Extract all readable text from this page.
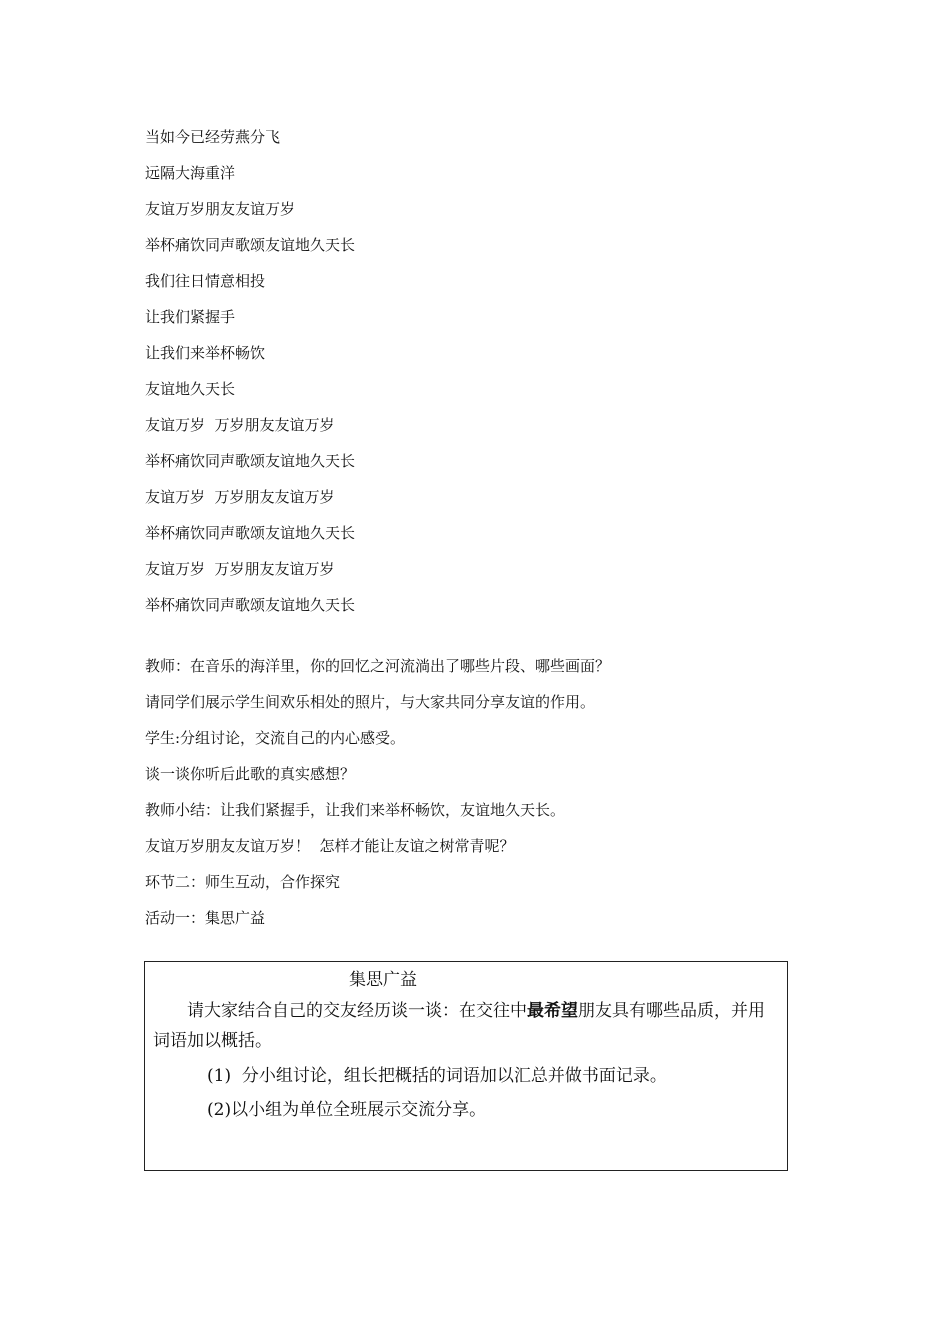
当如今已经劳燕分飞
远隔大海重洋
友谊万岁朋友友谊万岁
举杯痛饮同声歌颂友谊地久天长
我们往日情意相投
让我们紧握手
让我们来举杯畅饮
友谊地久天长
友谊万岁  万岁朋友友谊万岁
举杯痛饮同声歌颂友谊地久天长
友谊万岁  万岁朋友友谊万岁
举杯痛饮同声歌颂友谊地久天长
友谊万岁  万岁朋友友谊万岁
举杯痛饮同声歌颂友谊地久天长
教师：在音乐的海洋里，你的回忆之河流淌出了哪些片段、哪些画面？
请同学们展示学生间欢乐相处的照片，与大家共同分享友谊的作用。
学生:分组讨论，交流自己的内心感受。
谈一谈你听后此歌的真实感想？
教师小结：让我们紧握手，让我们来举杯畅饮，友谊地久天长。
友谊万岁朋友友谊万岁！  怎样才能让友谊之树常青呢？
环节二：师生互动，合作探究
活动一：集思广益
集思广益

请大家结合自己的交友经历谈一谈：在交往中最希望朋友具有哪些品质，并用词语加以概括。

(1)  分小组讨论，组长把概括的词语加以汇总并做书面记录。
(2)以小组为单位全班展示交流分享。
